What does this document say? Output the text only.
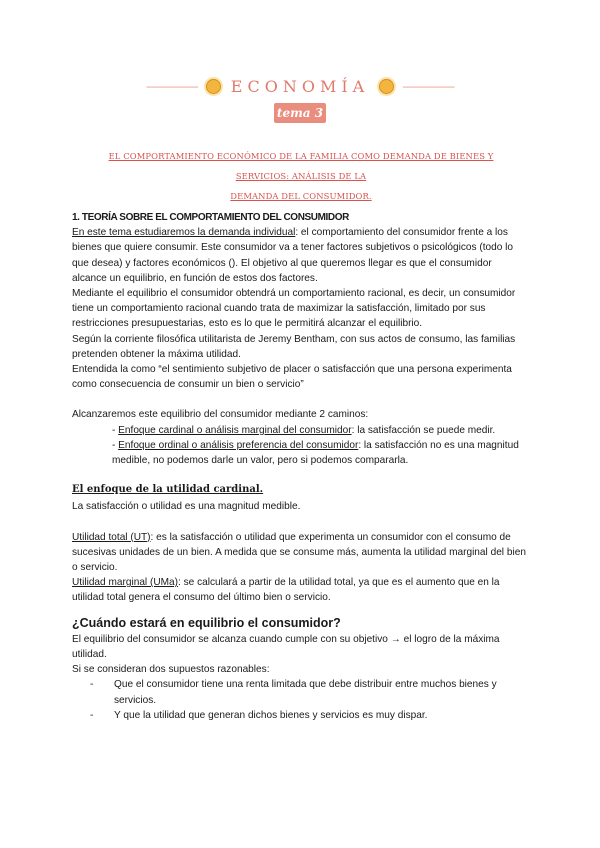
------------------- ECONOMÍA	-------------------
tema 3 .
EL COMPORTAMIENTO ECONÓMICO DE LA FAMILIA COMO DEMANDA DE BIENES Y SERVICIOS: ANÁLISIS DE LA
DEMANDA DEL CONSUMIDOR.

1. TEORÍA SOBRE EL COMPORTAMIENTO DEL CONSUMIDOR

En este tema estudiaremos la demanda individual: el comportamiento del consumidor frente a los bienes que quiere consumir. Este consumidor va a tener factores subjetivos o psicológicos (todo lo que desea) y factores económicos (). El objetivo al que queremos llegar es que el consumidor alcance un equilibrio, en función de estos dos factores.

Mediante el equilibrio el consumidor obtendrá un comportamiento racional, es decir, un consumidor tiene un comportamiento racional cuando trata de maximizar la satisfacción, limitado por sus restricciones presupuestarias, esto es lo que le permitirá alcanzar el equilibrio.

Según la corriente filosófica utilitarista de Jeremy Bentham, con sus actos de consumo, las familias pretenden obtener la máxima utilidad.

Entendida la como “el sentimiento subjetivo de placer o satisfacción que una persona experimenta como consecuencia de consumir un bien o servicio”

Alcanzaremos este equilibrio del consumidor mediante 2 caminos:

- Enfoque cardinal o análisis marginal del consumidor: la satisfacción se puede medir.

- Enfoque ordinal o análisis preferencia del consumidor: la satisfacción no es una magnitud medible, no podemos darle un valor, pero si podemos compararla.

El enfoque de la utilidad cardinal.

La satisfacción o utilidad es una magnitud medible.

Utilidad total (UT): es la satisfacción o utilidad que experimenta un consumidor con el consumo de sucesivas unidades de un bien. A medida que se consume más, aumenta la utilidad marginal del bien o servicio.

Utilidad marginal (UMa): se calculará a partir de la utilidad total, ya que es el aumento que en la utilidad total genera el consumo del último bien o servicio.

¿Cuándo estará en equilibrio el consumidor?

El equilibrio del consumidor se alcanza cuando cumple con su objetivo → el logro de la máxima utilidad.

Si se consideran dos supuestos razonables:

-	Que el consumidor tiene una renta limitada que debe distribuir entre muchos bienes y servicios.

-	Y que la utilidad que generan dichos bienes y servicios es muy dispar.
